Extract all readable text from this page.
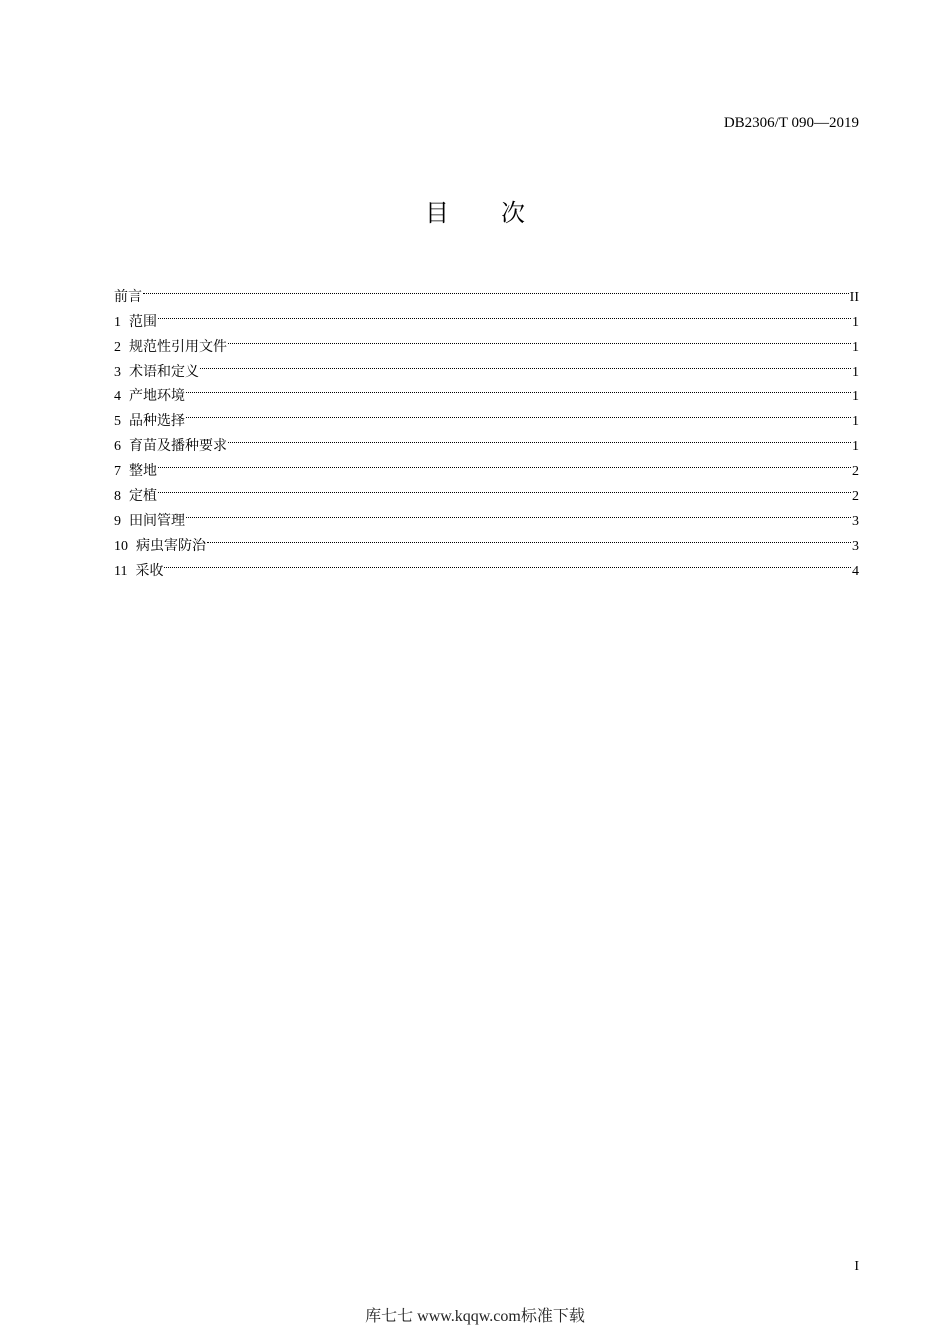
DB2306/T 090—2019
目 次
前言	II
1 范围	1
2 规范性引用文件	1
3 术语和定义	1
4 产地环境	1
5 品种选择	1
6 育苗及播种要求	1
7 整地	2
8 定植	2
9 田间管理	3
10 病虫害防治	3
11 采收	4
I
库七七 www.kqqw.com标准下载
